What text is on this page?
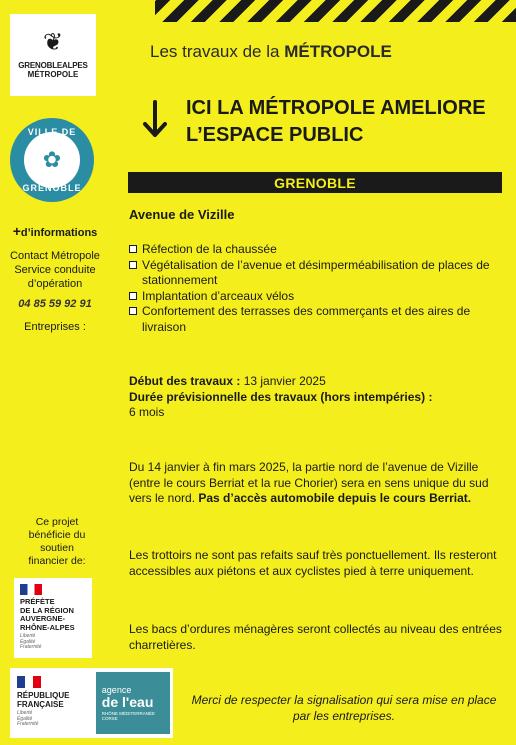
❦
GRENOBLEALPES
MÉTROPOLE
VILLE DE
✿
GRENOBLE
+d’informations
Contact Métropole
Service conduite
d’opération
04 85 59 92 91
Entreprises :
Ce projet
bénéficie du
soutien
financier de:
PRÉFÈTE
DE LA RÉGION
AUVERGNE-
RHÔNE-ALPES
Liberté
Égalité
Fraternité
RÉPUBLIQUE
FRANÇAISE
Liberté
Égalité
Fraternité
agence
de l'eau
RHÔNE MÉDITERRANÉE CORSE
Les travaux de la MÉTROPOLE
ICI LA MÉTROPOLE AMELIORE
L’ESPACE PUBLIC
GRENOBLE
Avenue de Vizille
Réfection de la chaussée
Végétalisation de l’avenue et désimperméabilisation de places de stationnement
Implantation d’arceaux vélos
Confortement des terrasses des commerçants et des aires de livraison
Début des travaux : 13 janvier 2025
Durée prévisionnelle des travaux (hors intempéries) :
6 mois
Du 14 janvier à fin mars 2025, la partie nord de l’avenue de Vizille (entre le cours Berriat et la rue Chorier) sera en sens unique du sud vers le nord. Pas d’accès automobile depuis le cours Berriat.
Les trottoirs ne sont pas refaits sauf très ponctuellement. Ils resteront accessibles aux piétons et aux cyclistes pied à terre uniquement.
Les bacs d’ordures ménagères seront collectés au niveau des entrées charretières.
Merci de respecter la signalisation qui sera mise en place par les entreprises.
